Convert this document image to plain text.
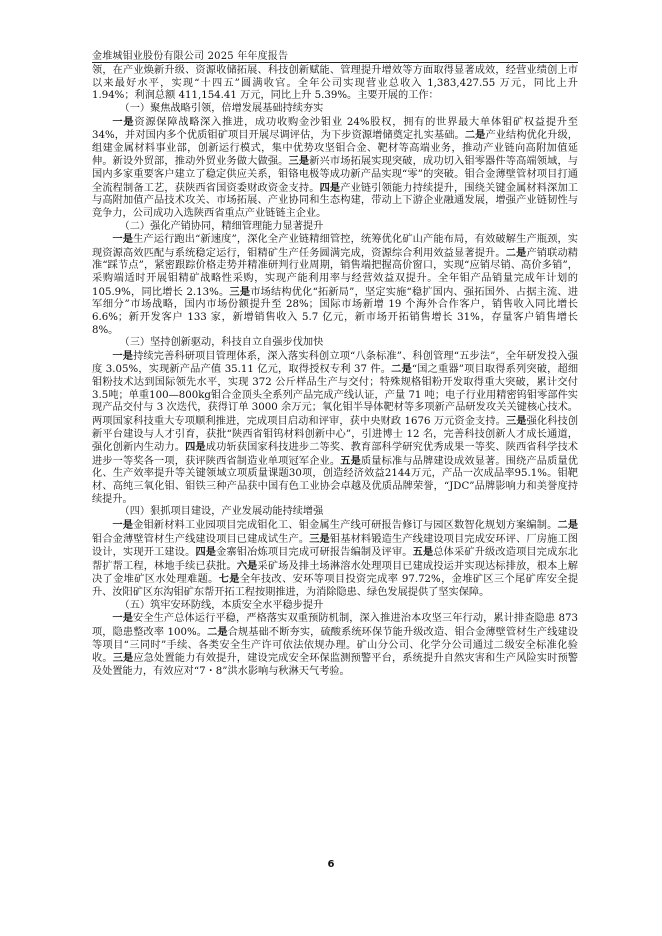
金堆城钼业股份有限公司 2025 年年度报告

领，在产业焕新升级、资源收储拓展、科技创新赋能、管理提升增效等方面取得显著成效，经营业绩创上市以来最好水平，实现“十四五”圆满收官。全年公司实现营业总收入 1,383,427.55 万元，同比上升 1.94%；利润总额 411,154.41 万元，同比上升 5.39%。主要开展的工作：

（一）聚焦战略引领，倍增发展基础持续夯实

一是资源保障战略深入推进，成功收购金沙钼业 24%股权，拥有的世界最大单体钼矿权益提升至 34%，并对国内多个优质钼矿项目开展尽调评估，为下步资源增储奠定扎实基础。二是产业结构优化升级，组建金属材料事业部，创新运行模式，集中优势攻坚钼合金、靶材等高端业务，推动产业链向高附加值延伸。新设外贸部，推动外贸业务做大做强。三是新兴市场拓展实现突破，成功切入钼零器件等高端领域，与国内多家重要客户建立了稳定供应关系，钼铬电极等成功新产品实现“零”的突破。钼合金薄壁管材项目打通全流程制备工艺，获陕西省国资委财政资金支持。四是产业链引领能力持续提升，围绕关键金属材料深加工与高附加值产品技术攻关、市场拓展、产业协同和生态构建，带动上下游企业融通发展，增强产业链韧性与竞争力，公司成功入选陕西省重点产业链链主企业。

（二）强化产销协同，精细管理能力显著提升

一是生产运行跑出“新速度”，深化全产业链精细管控，统筹优化矿山产能布局，有效破解生产瓶颈，实现资源高效匹配与系统稳定运行，钼精矿生产任务圆满完成，资源综合利用效益显著提升。二是产销联动精准“踩节点”，紧密跟踪价格走势并精准研判行业周期，销售端把握高价窗口，实现“应销尽销、高价多销”，采购端适时开展钼精矿战略性采购，实现产能利用率与经营效益双提升。全年钼产品销量完成年计划的 105.9%，同比增长 2.13%。三是市场结构优化“拓新局”，坚定实施“稳扩国内、强拓国外、占据主流、进军细分”市场战略，国内市场份额提升至 28%；国际市场新增 19 个海外合作客户，销售收入同比增长 6.6%；新开发客户 133 家，新增销售收入 5.7 亿元，新市场开拓销售增长 31%，存量客户销售增长 8%。

（三）坚持创新驱动，科技自立自强步伐加快

一是持续完善科研项目管理体系，深入落实科创立项“八条标准”、科创管理“五步法”，全年研发投入强度 3.05%，实现新产品产值 35.11 亿元，取得授权专利 37 件。二是“国之重器”项目取得系列突破，超细钼粉技术达到国际领先水平，实现 372 公斤样品生产与交付；特殊规格钼粉开发取得重大突破，累计交付3.5吨；单重100—800kg钼合金顶头全系列产品完成产线认证，产量 71 吨；电子行业用精密钨钼零部件实现产品交付与 3 次迭代，获得订单 3000 余万元；氧化钼半导体靶材等多项新产品研发攻关关键核心技术。两项国家科技重大专项顺利推进，完成项目启动和评审，获中央财政 1676 万元资金支持。三是强化科技创新平台建设与人才引育，获批“陕西省钼钨材料创新中心”，引进博士 12 名，完善科技创新人才成长通道，强化创新内生动力。四是成功斩获国家科技进步二等奖、教育部科学研究优秀成果一等奖、陕西省科学技术进步一等奖各一项，获评陕西省制造业单项冠军企业。五是质量标准与品牌建设成效显著。围绕产品质量优化、生产效率提升等关键领域立项质量课题30项，创造经济效益2144万元，产品一次成品率95.1%。钼靶材、高纯三氧化钼、钼铁三种产品获中国有色工业协会卓越及优质品牌荣誉，“JDC”品牌影响力和美誉度持续提升。

（四）狠抓项目建设，产业发展动能持续增强

一是金钼新材料工业园项目完成钼化工、钼金属生产线可研报告修订与园区数智化规划方案编制。二是钼合金薄壁管材生产线建设项目已建成试生产。三是钼基材料锻造生产线建设项目完成安环评、厂房施工图设计，实现开工建设。四是金寨钼冶炼项目完成可研报告编制及评审。五是总体采矿升级改造项目完成东北帮扩帮工程，林地手续已获批。六是采矿场及排土场淋溶水处理项目已建成投运并实现达标排放，根本上解决了金堆矿区水处理难题。七是全年技改、安环等项目投资完成率 97.72%，金堆矿区三个尾矿库安全提升、汝阳矿区东沟钼矿东帮开拓工程按期推进，为消除隐患、绿色发展提供了坚实保障。

（五）筑牢安环防线，本质安全水平稳步提升

一是安全生产总体运行平稳，严格落实双重预防机制，深入推进治本攻坚三年行动，累计排查隐患 873 项，隐患整改率 100%。二是合规基础不断夯实，硫酸系统环保节能升级改造、钼合金薄壁管材生产线建设等项目“三同时”手续、各类安全生产许可依法依规办理。矿山分公司、化学分公司通过二级安全标准化验收。三是应急处置能力有效提升，建设完成安全环保监测预警平台，系统提升自然灾害和生产风险实时预警及处置能力，有效应对“7・8”洪水影响与秋淋天气考验。

6
